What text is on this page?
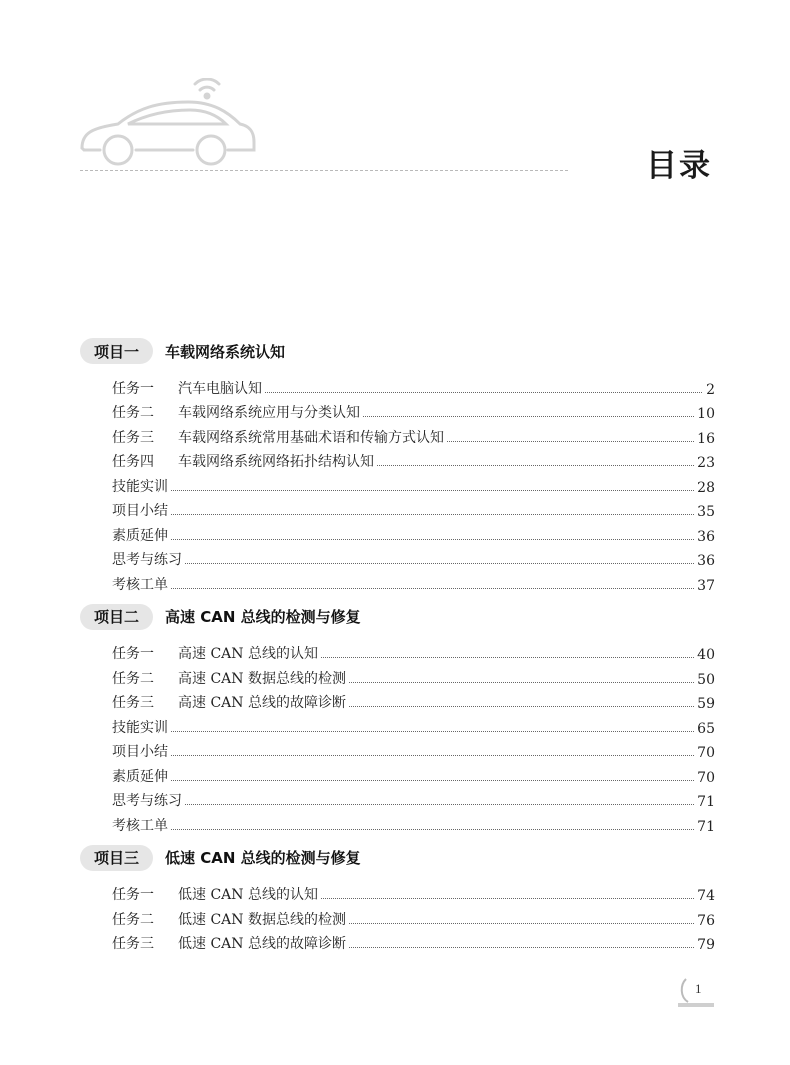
目录
项目一	车载网络系统认知
任务一 汽车电脑认知	2
任务二 车载网络系统应用与分类认知	10
任务三 车载网络系统常用基础术语和传输方式认知	16
任务四 车载网络系统网络拓扑结构认知	23
技能实训	28
项目小结	35
素质延伸	36
思考与练习	36
考核工单	37
项目二	高速 CAN 总线的检测与修复
任务一 高速 CAN 总线的认知	40
任务二 高速 CAN 数据总线的检测	50
任务三 高速 CAN 总线的故障诊断	59
技能实训	65
项目小结	70
素质延伸	70
思考与练习	71
考核工单	71
项目三	低速 CAN 总线的检测与修复
任务一 低速 CAN 总线的认知	74
任务二 低速 CAN 数据总线的检测	76
任务三 低速 CAN 总线的故障诊断	79
1
